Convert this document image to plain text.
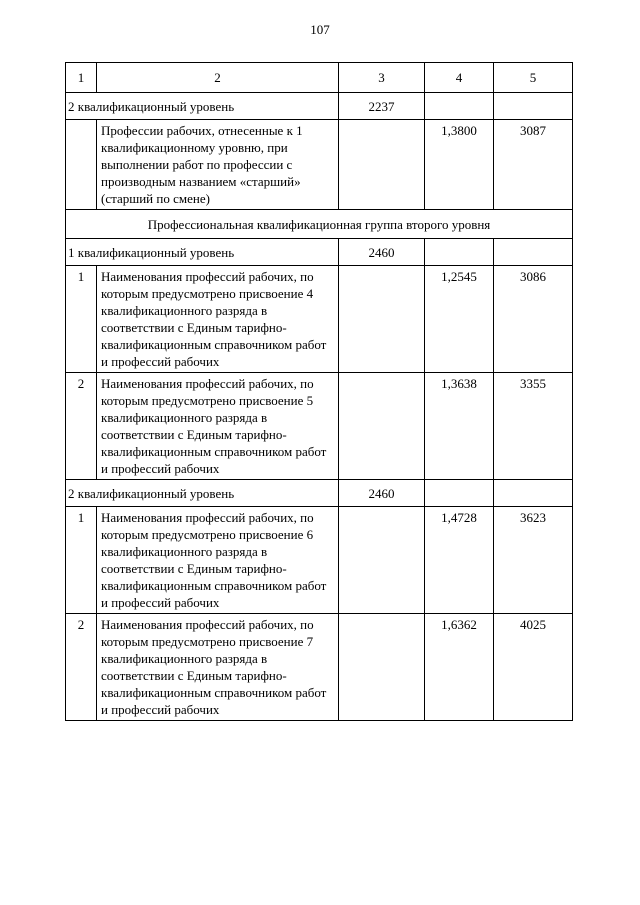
107
1	2	3	4	5
2 квалификационный уровень		2237		
	Профессии рабочих, отнесенные к 1 квалификационному уровню, при выполнении работ по профессии с производным названием «старший» (старший по смене)		1,3800	3087
Профессиональная квалификационная группа второго уровня				
1 квалификационный уровень		2460		
1	Наименования профессий рабочих, по которым предусмотрено присвоение 4 квалификационного разряда в соответствии с Единым тарифно-квалификационным справочником работ и профессий рабочих		1,2545	3086
2	Наименования профессий рабочих, по которым предусмотрено присвоение 5 квалификационного разряда в соответствии с Единым тарифно-квалификационным справочником работ и профессий рабочих		1,3638	3355
2 квалификационный уровень		2460		
1	Наименования профессий рабочих, по которым предусмотрено присвоение 6 квалификационного разряда в соответствии с Единым тарифно-квалификационным справочником работ и профессий рабочих		1,4728	3623
2	Наименования профессий рабочих, по которым предусмотрено присвоение 7 квалификационного разряда в соответствии с Единым тарифно-квалификационным справочником работ и профессий рабочих		1,6362	4025
